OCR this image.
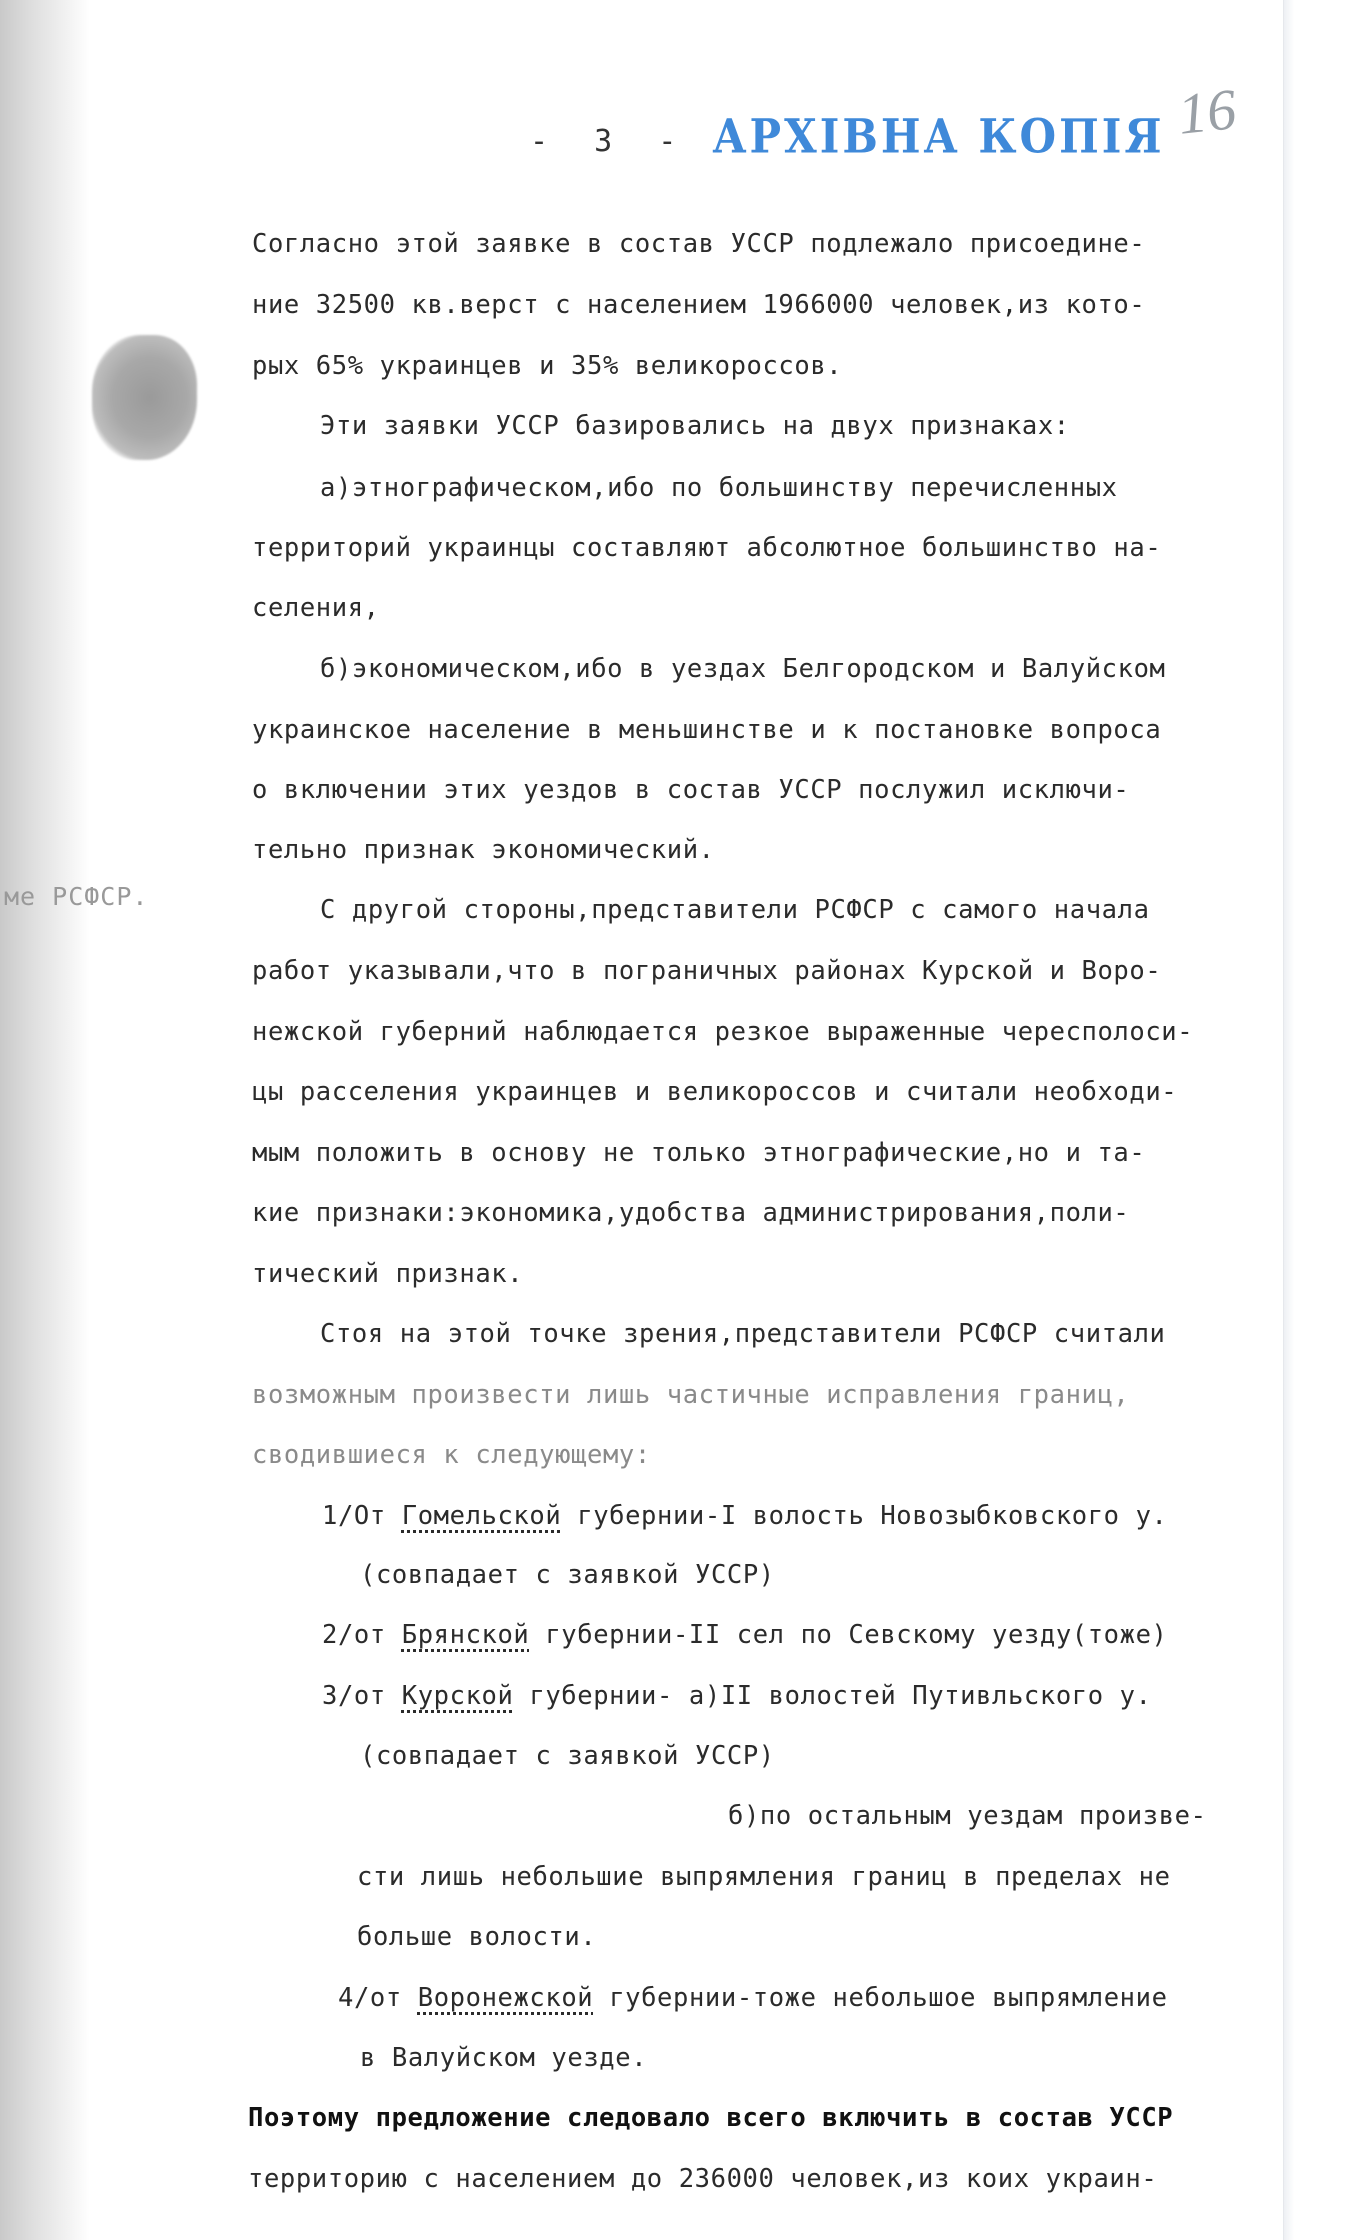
- 3 - АРХІВНА КОПІЯ 16
ме РСФСР.
Согласно этой заявке в состав УССР подлежало присоедине-
ние 32500 кв.верст с населением 1966000 человек,из кото-
рых 65% украинцев и 35% великороссов.
Эти заявки УССР базировались на двух признаках:
а)этнографическом,ибо по большинству перечисленных
территорий украинцы составляют абсолютное большинство на-
селения,
б)экономическом,ибо в уездах Белгородском и Валуйском
украинское население в меньшинстве и к постановке вопроса
о включении этих уездов в состав УССР послужил исключи-
тельно признак экономический.
С другой стороны,представители РСФСР с самого начала
работ указывали,что в пограничных районах Курской и Воро-
нежской губерний наблюдается резкое выраженные чересполоси-
цы расселения украинцев и великороссов и считали необходи-
мым положить в основу не только этнографические,но и та-
кие признаки:экономика,удобства администрирования,поли-
тический признак.
Стоя на этой точке зрения,представители РСФСР считали
возможным произвести лишь частичные исправления границ,
сводившиеся к следующему:
1/От Гомельской губернии-I волость Новозыбковского у.
(совпадает с заявкой УССР)
2/от Брянской губернии-II сел по Севскому уезду(тоже)
3/от Курской губернии- а)II волостей Путивльского у.
(совпадает с заявкой УССР)
б)по остальным уездам произве-
сти лишь небольшие выпрямления границ в пределах не
больше волости.
4/от Воронежской губернии-тоже небольшое выпрямление
в Валуйском уезде.
Поэтому предложение следовало всего включить в состав УССР
территорию с населением до 236000 человек,из коих украин-
